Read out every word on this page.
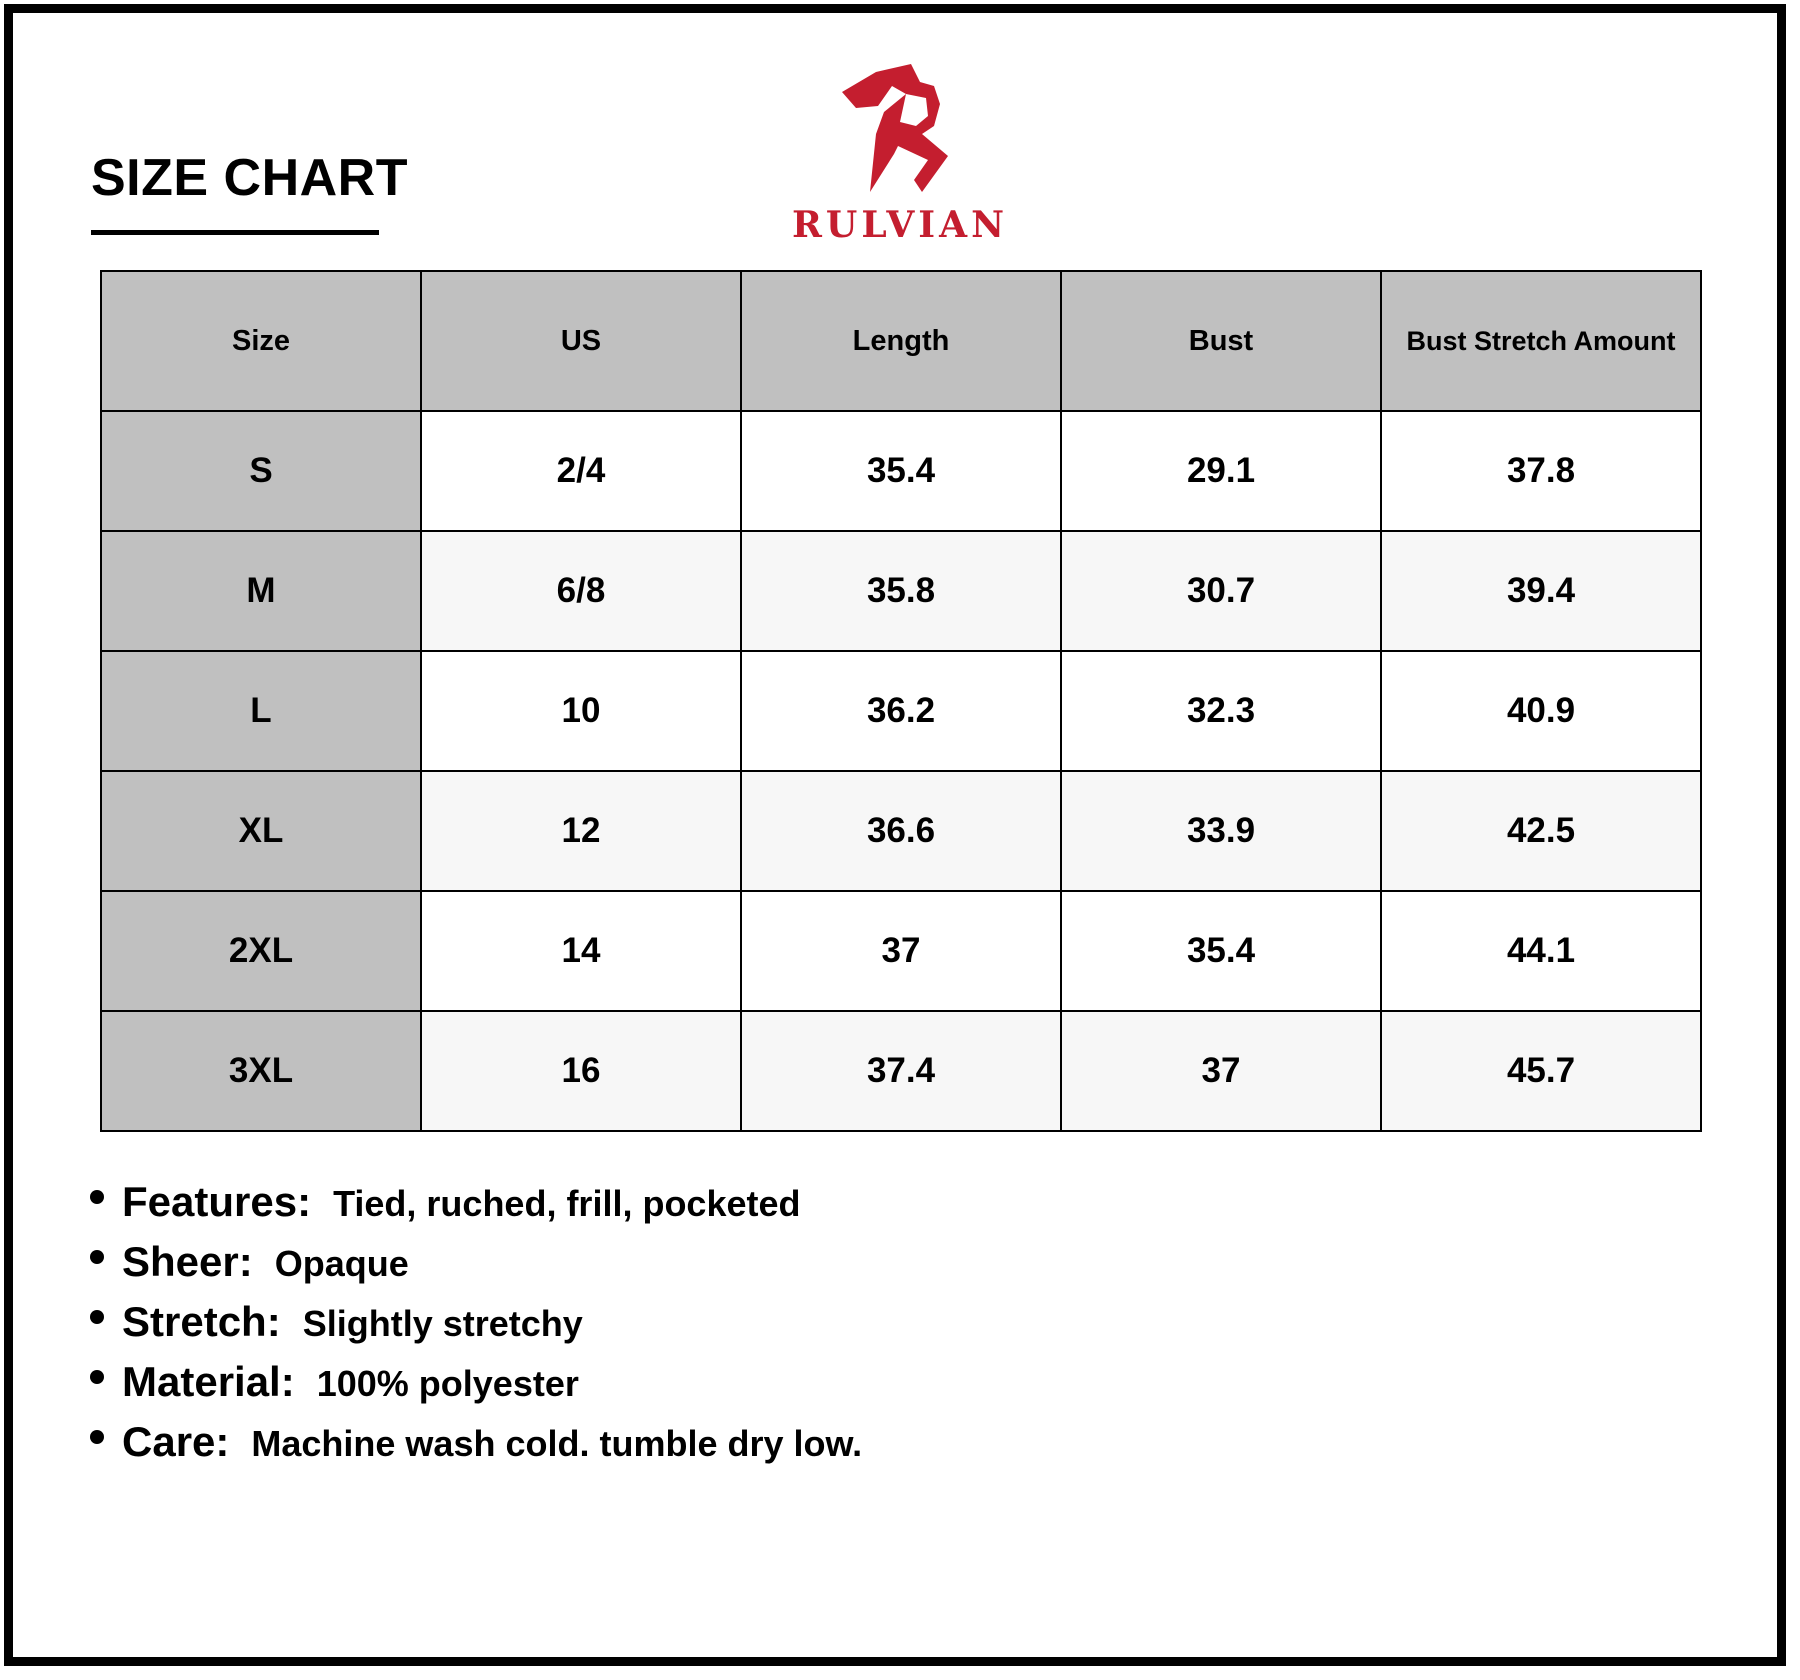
SIZE CHART
RULVIAN
Size	US	Length	Bust	Bust Stretch Amount
S	2/4	35.4	29.1	37.8
M	6/8	35.8	30.7	39.4
L	10	36.2	32.3	40.9
XL	12	36.6	33.9	42.5
2XL	14	37	35.4	44.1
3XL	16	37.4	37	45.7
Features: Tied, ruched, frill, pocketed
Sheer: Opaque
Stretch: Slightly stretchy
Material: 100% polyester
Care: Machine wash cold. tumble dry low.
